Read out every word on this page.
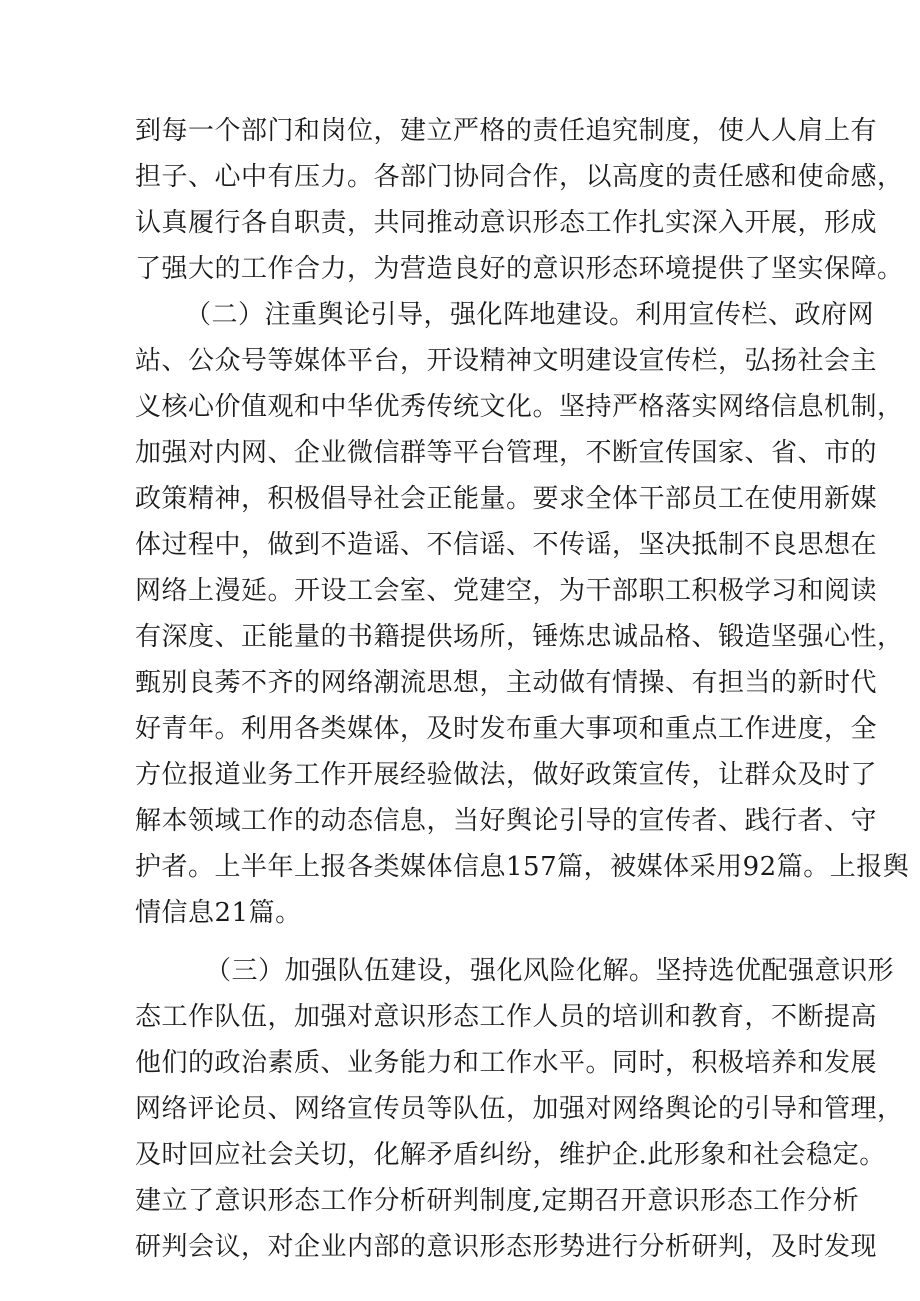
到每一个部门和岗位，建立严格的责任追究制度，使人人肩上有
担子、心中有压力。各部门协同合作，以高度的责任感和使命感，
认真履行各自职责，共同推动意识形态工作扎实深入开展，形成
了强大的工作合力，为营造良好的意识形态环境提供了坚实保障。
（二）注重舆论引导，强化阵地建设。利用宣传栏、政府网
站、公众号等媒体平台，开设精神文明建设宣传栏，弘扬社会主
义核心价值观和中华优秀传统文化。坚持严格落实网络信息机制，
加强对内网、企业微信群等平台管理，不断宣传国家、省、市的
政策精神，积极倡导社会正能量。要求全体干部员工在使用新媒
体过程中，做到不造谣、不信谣、不传谣，坚决抵制不良思想在
网络上漫延。开设工会室、党建空，为干部职工积极学习和阅读
有深度、正能量的书籍提供场所，锤炼忠诚品格、锻造坚强心性，
甄别良莠不齐的网络潮流思想，主动做有情操、有担当的新时代
好青年。利用各类媒体，及时发布重大事项和重点工作进度，全
方位报道业务工作开展经验做法，做好政策宣传，让群众及时了
解本领域工作的动态信息，当好舆论引导的宣传者、践行者、守
护者。上半年上报各类媒体信息157篇，被媒体采用92篇。上报舆
情信息21篇。
（三）加强队伍建设，强化风险化解。坚持选优配强意识形
态工作队伍，加强对意识形态工作人员的培训和教育，不断提高
他们的政治素质、业务能力和工作水平。同时，积极培养和发展
网络评论员、网络宣传员等队伍，加强对网络舆论的引导和管理，
及时回应社会关切，化解矛盾纠纷，维护企.此形象和社会稳定。
建立了意识形态工作分析研判制度,定期召开意识形态工作分析
研判会议，对企业内部的意识形态形势进行分析研判，及时发现
